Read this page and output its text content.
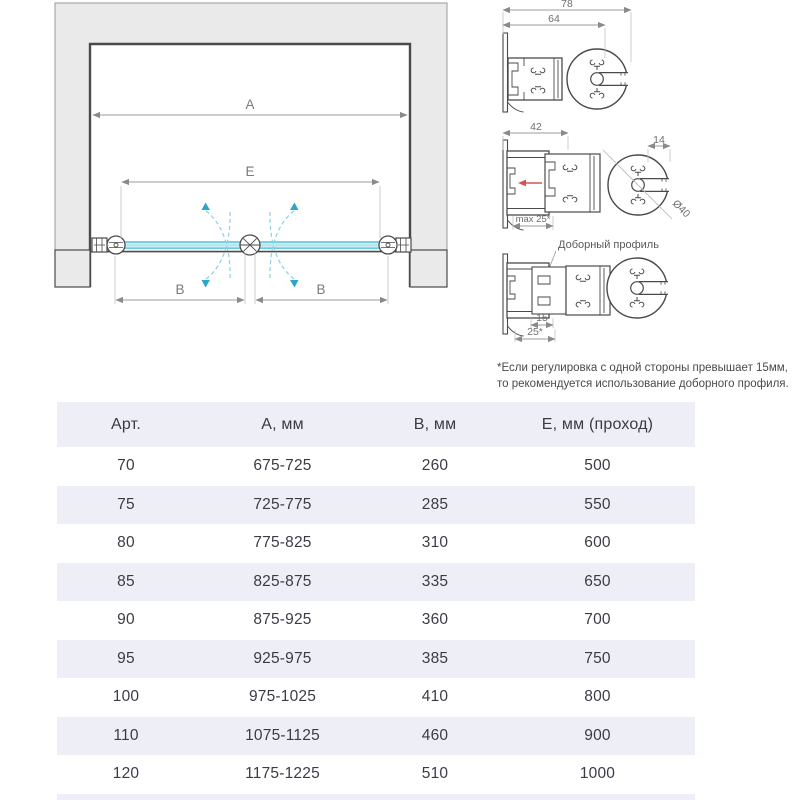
A
E
B	B
78
64
Ø40
42
14
max 25*
Доборный профиль
15
25*
*Если регулировка с одной стороны превышает 15мм,
то рекомендуется использование доборного профиля.
Арт.	А, мм	В, мм	Е, мм (проход)
70	675-725	260	500
75	725-775	285	550
80	775-825	310	600
85	825-875	335	650
90	875-925	360	700
95	925-975	385	750
100	975-1025	410	800
110	1075-1125	460	900
120	1175-1225	510	1000
